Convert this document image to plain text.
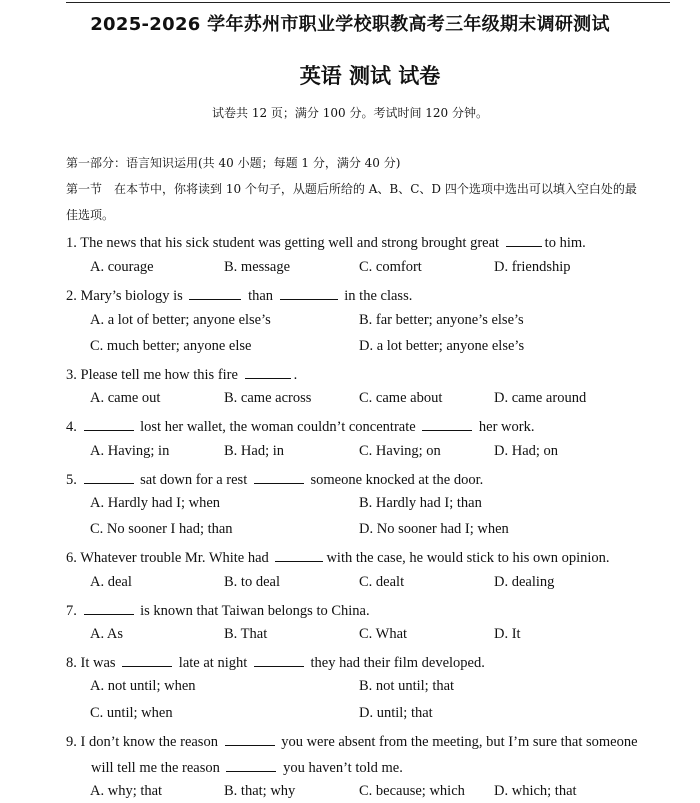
2025-2026 学年苏州市职业学校职教高考三年级期末调研测试
英语 测试 试卷
试卷共 12 页；满分 100 分。考试时间 120 分钟。
第一部分：语言知识运用(共 40 小题；每题 1 分，满分 40 分)
第一节　在本节中，你将读到 10 个句子，从题后所给的 A、B、C、D 四个选项中选出可以填入空白处的最
佳选项。
1. The news that his sick student was getting well and strong brought great	to him.
A. courage	B. message	C. comfort	D. friendship
2. Mary’s biology is	than	in the class.
A. a lot of better; anyone else’s	B. far better; anyone’s else’s
C. much better; anyone else	D. a lot better; anyone else’s
3. Please tell me how this fire	.
A. came out	B. came across	C. came about	D. came around
4.	lost her wallet, the woman couldn’t concentrate	her work.
A. Having; in	B. Had; in	C. Having; on	D. Had; on
5.	sat down for a rest	someone knocked at the door.
A. Hardly had I; when	B. Hardly had I; than
C. No sooner I had; than	D. No sooner had I; when
6. Whatever trouble Mr. White had	with the case, he would stick to his own opinion.
A. deal	B. to deal	C. dealt	D. dealing
7.	is known that Taiwan belongs to China.
A. As	B. That	C. What	D. It
8. It was	late at night	they had their film developed.
A. not until; when	B. not until; that
C. until; when	D. until; that
9. I don’t know the reason	you were absent from the meeting, but I’m sure that someone
will tell me the reason	you haven’t told me.
A. why; that	B. that; why	C. because; which D. which; that
